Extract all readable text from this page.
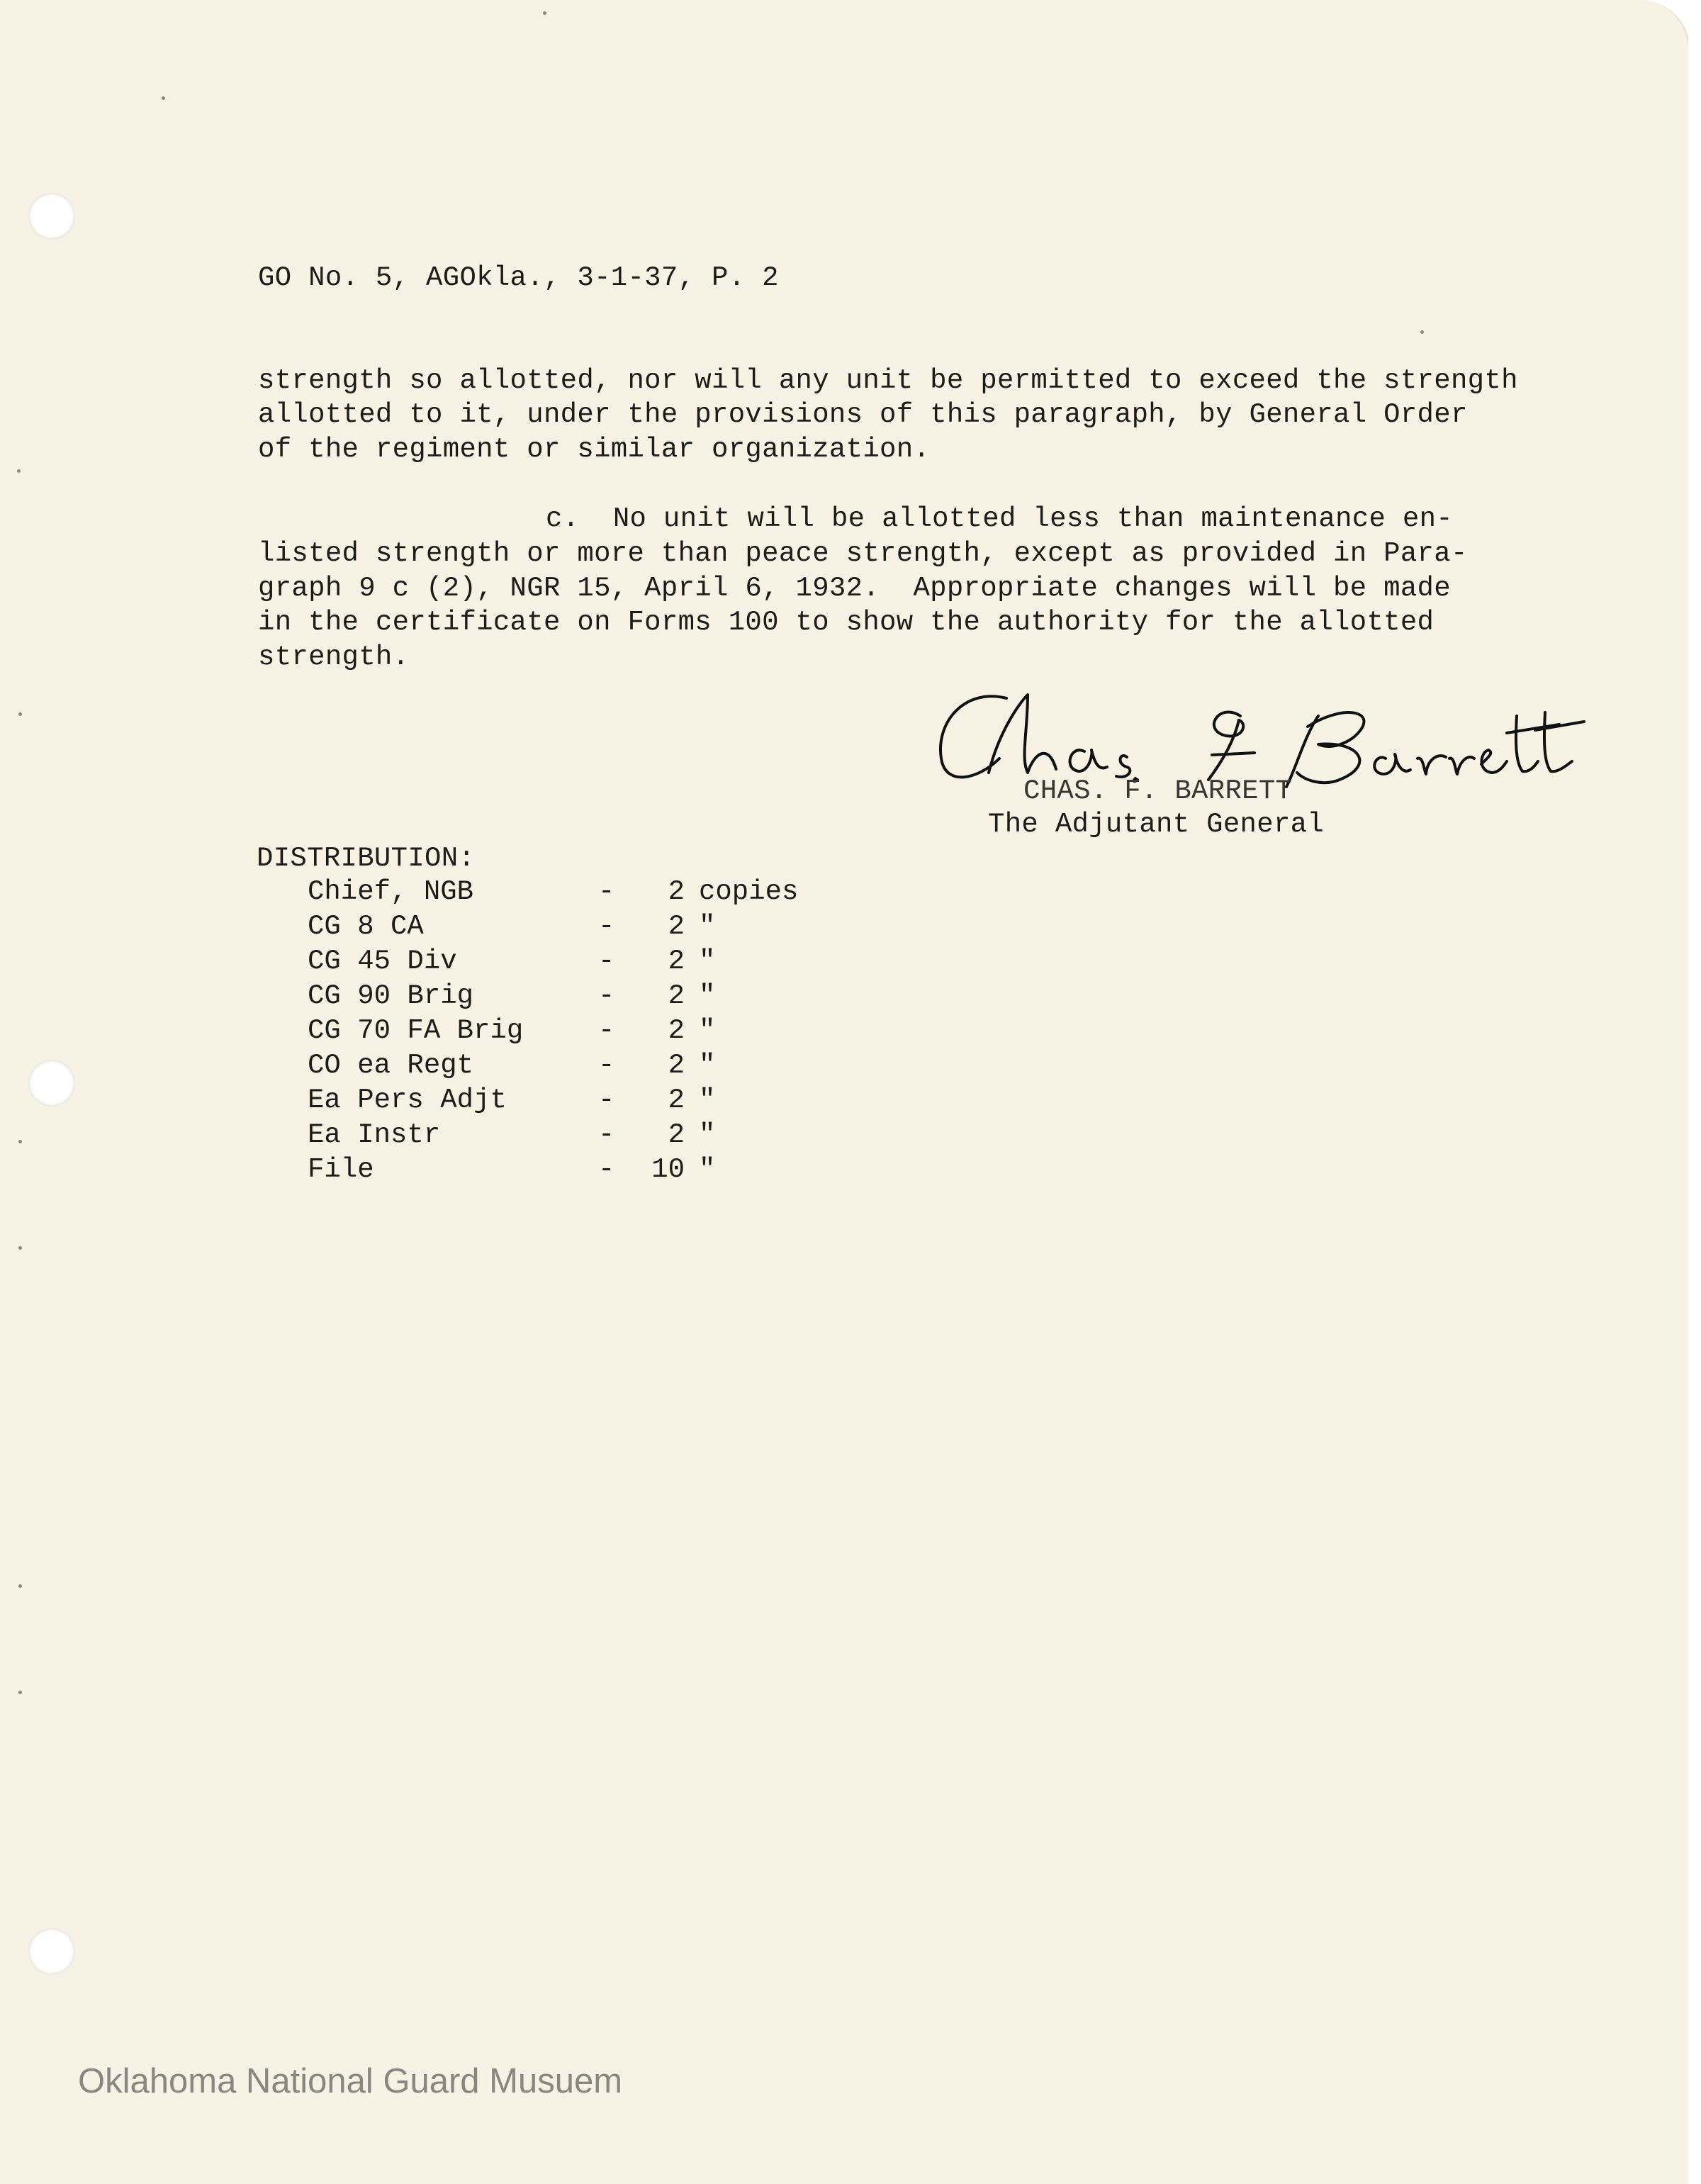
GO No. 5, AGOkla., 3-1-37, P. 2
strength so allotted, nor will any unit be permitted to exceed the strength
allotted to it, under the provisions of this paragraph, by General Order
of the regiment or similar organization.
c.  No unit will be allotted less than maintenance en-
listed strength or more than peace strength, except as provided in Para-
graph 9 c (2), NGR 15, April 6, 1932.  Appropriate changes will be made
in the certificate on Forms 100 to show the authority for the allotted
strength.
CHAS. F. BARRETT
The Adjutant General
DISTRIBUTION:
Chief, NGB	-	2 copies
CG 8 CA	-	2 "
CG 45 Div	-	2 "
CG 90 Brig	-	2 "
CG 70 FA Brig	-	2 "
CO ea Regt	-	2 "
Ea Pers Adjt	-	2 "
Ea Instr	-	2 "
File	-	10 "
Oklahoma National Guard Musuem
